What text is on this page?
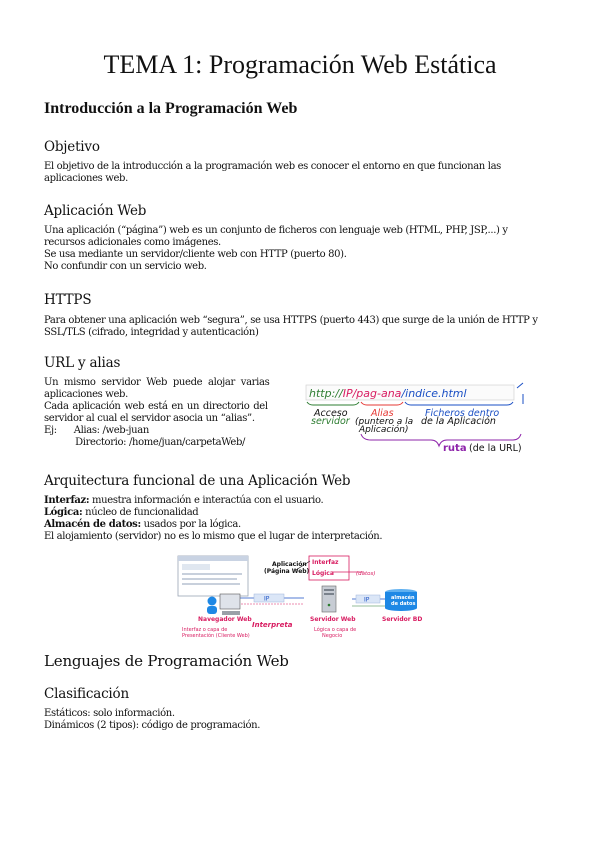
TEMA 1: Programación Web Estática
Introducción a la Programación Web
Objetivo
El objetivo de la introducción a la programación web es conocer el entorno en que funcionan las
aplicaciones web.
Aplicación Web
Una aplicación (“página”) web es un conjunto de ficheros con lenguaje web (HTML, PHP, JSP,...) y
recursos adicionales como imágenes.
Se usa mediante un servidor/cliente web con HTTP (puerto 80).
No confundir con un servicio web.
HTTPS
Para obtener una aplicación web “segura”, se usa HTTPS (puerto 443) que surge de la unión de HTTP y
SSL/TLS (cifrado, integridad y autenticación)
URL y alias
Un mismo servidor Web puede alojar varias
aplicaciones web.
Cada aplicación web está en un directorio del
servidor al cual el servidor asocia un “alias”.
Ej:      Alias: /web-juan
Directorio: /home/juan/carpetaWeb/
http://IP/pag-ana/indice.html
Acceso
servidor
Alias
(puntero a la
Aplicación)
Ficheros dentro
de la Aplicación
ruta (de la URL)
Arquitectura funcional de una Aplicación Web
Interfaz: muestra información e interactúa con el usuario.
Lógica: núcleo de funcionalidad
Almacén de datos: usados por la lógica.
El alojamiento (servidor) no es lo mismo que el lugar de interpretación.
Aplicación
(Página Web)
Interfaz
Lógica	(datos)
IP	IP	almacén
de datos
Navegador Web	Servidor Web	Servidor BD
Interpreta
Interfaz o capa de
Presentación (Cliente Web)
Lógica o capa de
Negocio
Lenguajes de Programación Web
Clasificación
Estáticos: solo información.
Dinámicos (2 tipos): código de programación.
